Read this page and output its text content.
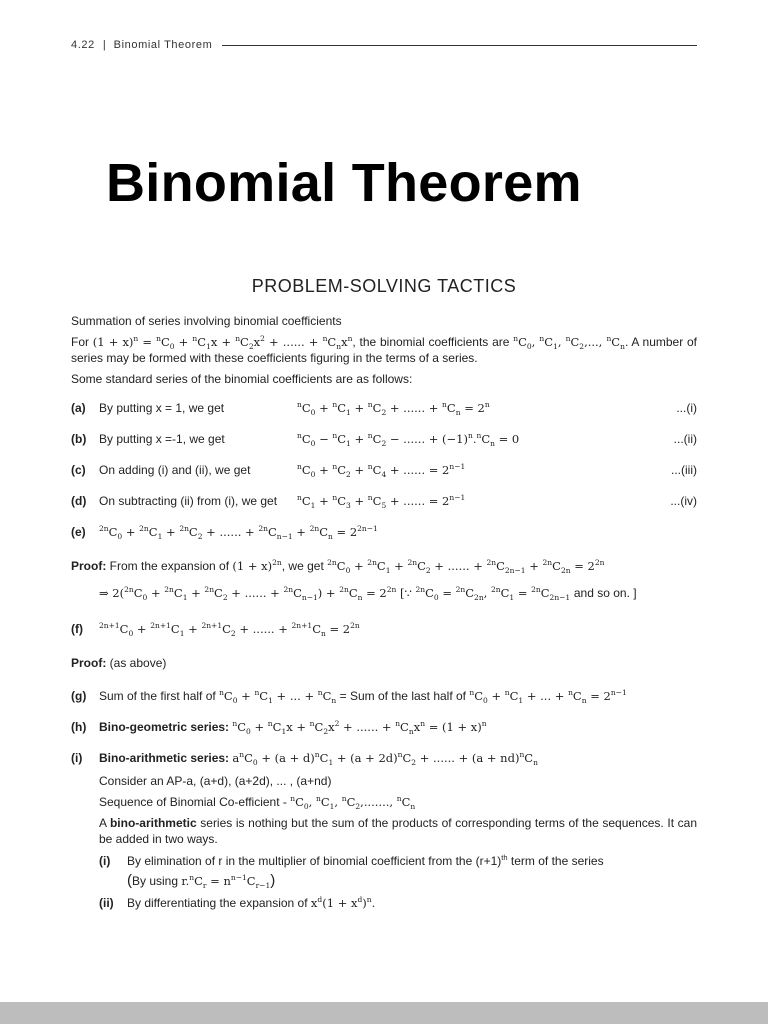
4.22 | Binomial Theorem
Binomial Theorem
PROBLEM-SOLVING TACTICS

Summation of series involving binomial coefficients

For $(1 + x)^n = ^nC_0 + ^nC_1x + ^nC_2x^2$ + ...... + $^nC_nx^n$, the binomial coefficients are $^nC_0$, $^nC_1$, $^nC_2$,..., $^nC_n$. A number of series may be formed with these coefficients figuring in the terms of a series.

Some standard series of the binomial coefficients are as follows:

(a)	By putting x = 1, we get	$^nC_0 + ^nC_1 + ^nC_2$ + ...... + $^nC_n = 2^n$	...(i)
(b)	By putting x =-1, we get	$^nC_0 - ^nC_1 + ^nC_2$ − ...... + $(-1)^n.^nC_n = 0$	...(ii)
(c)	On adding (i) and (ii), we get	$^nC_0 + ^nC_2 + ^nC_4$ + ...... = $2^{n-1}$	...(iii)
(d)	On subtracting (ii) from (i), we get	$^nC_1 + ^nC_3 + ^nC_5$ + ...... = $2^{n-1}$	...(iv)
(e)	$^{2n}C_0 + ^{2n}C_1 + ^{2n}C_2$ + ...... + $^{2n}C_{n-1} + ^{2n}C_n = 2^{2n-1}$
Proof: From the expansion of $(1 + x)^{2n}$, we get $^{2n}C_0 + ^{2n}C_1 + ^{2n}C_2$ + ...... + $^{2n}C_{2n-1} + ^{2n}C_{2n} = 2^{2n}$
⇒ $2(^{2n}C_0 + ^{2n}C_1 + ^{2n}C_2$ + ...... + $^{2n}C_{n-1}) + ^{2n}C_n = 2^{2n}$ [∵ $^{2n}C_0 = ^{2n}C_{2n}$, $^{2n}C_1 = ^{2n}C_{2n-1}$ and so on. ]
(f)	$^{2n+1}C_0 + ^{2n+1}C_1 + ^{2n+1}C_2$ + ...... + $^{2n+1}C_n = 2^{2n}$
Proof: (as above)
(g)	Sum of the first half of $^nC_0 + ^nC_1$ + ... + $^nC_n$ = Sum of the last half of $^nC_0 + ^nC_1$ + ... + $^nC_n = 2^{n-1}$
(h)	Bino-geometric series: $^nC_0 + ^nC_1x + ^nC_2x^2$ + ...... + $^nC_nx^n = (1 + x)^n$
(i)	Bino-arithmetic series: $a^nC_0 + (a + d)^nC_1 + (a + 2d)^nC_2$ + ...... + $(a + nd)^nC_n$

Consider an AP-a, (a+d), (a+2d), ... , (a+nd)

Sequence of Binomial Co-efficient - $^nC_0$, $^nC_1$, $^nC_2$,......., $^nC_n$

A bino-arithmetic series is nothing but the sum of the products of corresponding terms of the sequences. It can be added in two ways.

(i)	By elimination of r in the multiplier of binomial coefficient from the $(r+1)^{th}$ term of the series
(By using $r.^nC_r = n^{n-1}C_{r-1}$)
(ii)	By differentiating the expansion of $x^d(1 + x^d)^n$.
